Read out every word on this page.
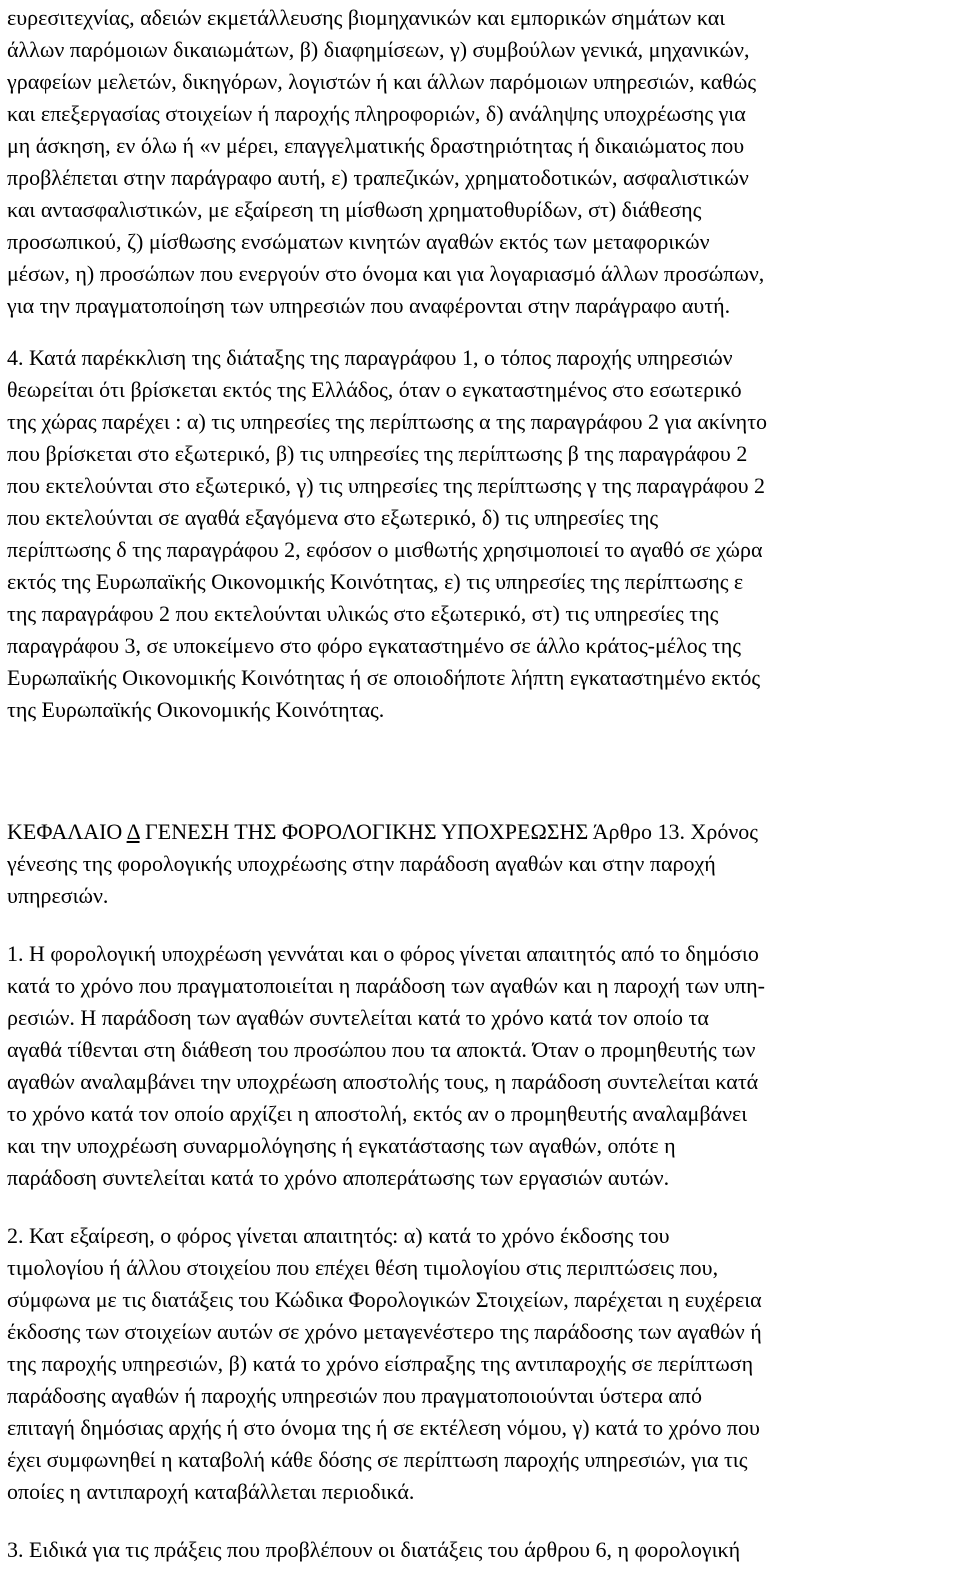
ευρεσιτεχνίας, αδειών εκμετάλλευσης βιομηχανικών και εμπορικών σημάτων και
άλλων παρόμοιων δικαιωμάτων, β) διαφημίσεων, γ) συμβούλων γενικά, μηχανικών,
γραφείων μελετών, δικηγόρων, λογιστών ή και άλλων παρόμοιων υπηρεσιών, καθώς
και επεξεργασίας στοιχείων ή παροχής πληροφοριών, δ) ανάληψης υποχρέωσης για
μη άσκηση, εν όλω ή «ν μέρει, επαγγελματικής δραστηριότητας ή δικαιώματος που
προβλέπεται στην παράγραφο αυτή, ε) τραπεζικών, χρηματοδοτικών, ασφαλιστικών
και αντασφαλιστικών, με εξαίρεση τη μίσθωση χρηματοθυρίδων, στ) διάθεσης
προσωπικού, ζ) μίσθωσης ενσώματων κινητών αγαθών εκτός των μεταφορικών
μέσων, η) προσώπων που ενεργούν στο όνομα και για λογαριασμό άλλων προσώπων,
για την πραγματοποίηση των υπηρεσιών που αναφέρονται στην παράγραφο αυτή.
4. Κατά παρέκκλιση της διάταξης της παραγράφου 1, ο τόπος παροχής υπηρεσιών
θεωρείται ότι βρίσκεται εκτός της Ελλάδος, όταν ο εγκαταστημένος στο εσωτερικό
της χώρας παρέχει : α) τις υπηρεσίες της περίπτωσης α της παραγράφου 2 για ακίνητο
που βρίσκεται στο εξωτερικό, β) τις υπηρεσίες της περίπτωσης β της παραγράφου 2
που εκτελούνται στο εξωτερικό, γ) τις υπηρεσίες της περίπτωσης γ της παραγράφου 2
που εκτελούνται σε αγαθά εξαγόμενα στο εξωτερικό, δ) τις υπηρεσίες της
περίπτωσης δ της παραγράφου 2, εφόσον ο μισθωτής χρησιμοποιεί το αγαθό σε χώρα
εκτός της Ευρωπαϊκής Οικονομικής Κοινότητας, ε) τις υπηρεσίες της περίπτωσης ε
της παραγράφου 2 που εκτελούνται υλικώς στο εξωτερικό, στ) τις υπηρεσίες της
παραγράφου 3, σε υποκείμενο στο φόρο εγκαταστημένο σε άλλο κράτος-μέλος της
Ευρωπαϊκής Οικονομικής Κοινότητας ή σε οποιοδήποτε λήπτη εγκαταστημένο εκτός
της Ευρωπαϊκής Οικονομικής Κοινότητας.
ΚΕΦΑΛΑΙΟ Δ ΓΕΝΕΣΗ ΤΗΣ ΦΟΡΟΛΟΓΙΚΗΣ ΥΠΟΧΡΕΩΣΗΣ Άρθρο 13. Χρόνος
γένεσης της φορολογικής υποχρέωσης στην παράδοση αγαθών και στην παροχή
υπηρεσιών.
1. Η φορολογική υποχρέωση γεννάται και ο φόρος γίνεται απαιτητός από το δημόσιο
κατά το χρόνο που πραγματοποιείται η παράδοση των αγαθών και η παροχή των υπη-
ρεσιών. Η παράδοση των αγαθών συντελείται κατά το χρόνο κατά τον οποίο τα
αγαθά τίθενται στη διάθεση του προσώπου που τα αποκτά. Όταν ο προμηθευτής των
αγαθών αναλαμβάνει την υποχρέωση αποστολής τους, η παράδοση συντελείται κατά
το χρόνο κατά τον οποίο αρχίζει η αποστολή, εκτός αν ο προμηθευτής αναλαμβάνει
και την υποχρέωση συναρμολόγησης ή εγκατάστασης των αγαθών, οπότε η
παράδοση συντελείται κατά το χρόνο αποπεράτωσης των εργασιών αυτών.
2. Κατ εξαίρεση, ο φόρος γίνεται απαιτητός: α) κατά το χρόνο έκδοσης του
τιμολογίου ή άλλου στοιχείου που επέχει θέση τιμολογίου στις περιπτώσεις που,
σύμφωνα με τις διατάξεις του Κώδικα Φορολογικών Στοιχείων, παρέχεται η ευχέρεια
έκδοσης των στοιχείων αυτών σε χρόνο μεταγενέστερο της παράδοσης των αγαθών ή
της παροχής υπηρεσιών, β) κατά το χρόνο είσπραξης της αντιπαροχής σε περίπτωση
παράδοσης αγαθών ή παροχής υπηρεσιών που πραγματοποιούνται ύστερα από
επιταγή δημόσιας αρχής ή στο όνομα της ή σε εκτέλεση νόμου, γ) κατά το χρόνο που
έχει συμφωνηθεί η καταβολή κάθε δόσης σε περίπτωση παροχής υπηρεσιών, για τις
οποίες η αντιπαροχή καταβάλλεται περιοδικά.
3. Ειδικά για τις πράξεις που προβλέπουν οι διατάξεις του άρθρου 6, η φορολογική
